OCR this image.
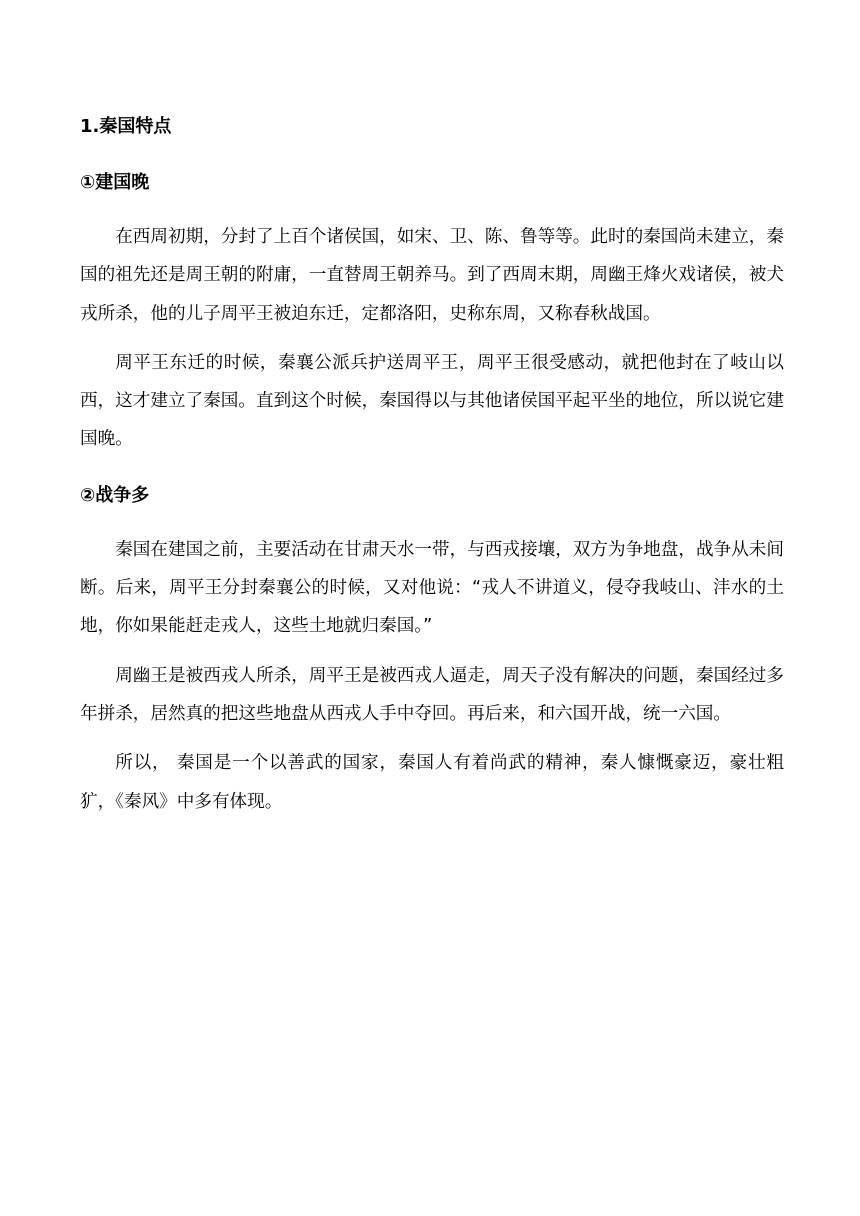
1.秦国特点
①建国晚

在西周初期，分封了上百个诸侯国，如宋、卫、陈、鲁等等。此时的秦国尚未建立，秦国的祖先还是周王朝的附庸，一直替周王朝养马。到了西周末期，周幽王烽火戏诸侯，被犬戎所杀，他的儿子周平王被迫东迁，定都洛阳，史称东周，又称春秋战国。

周平王东迁的时候，秦襄公派兵护送周平王，周平王很受感动，就把他封在了岐山以西，这才建立了秦国。直到这个时候，秦国得以与其他诸侯国平起平坐的地位，所以说它建国晚。

②战争多

秦国在建国之前，主要活动在甘肃天水一带，与西戎接壤，双方为争地盘，战争从未间断。后来，周平王分封秦襄公的时候，又对他说：“戎人不讲道义，侵夺我岐山、沣水的土地，你如果能赶走戎人，这些土地就归秦国。”

周幽王是被西戎人所杀，周平王是被西戎人逼走，周天子没有解决的问题，秦国经过多年拼杀，居然真的把这些地盘从西戎人手中夺回。再后来，和六国开战，统一六国。

所以， 秦国是一个以善武的国家，秦国人有着尚武的精神，秦人慷慨豪迈，豪壮粗犷，《秦风》中多有体现。
